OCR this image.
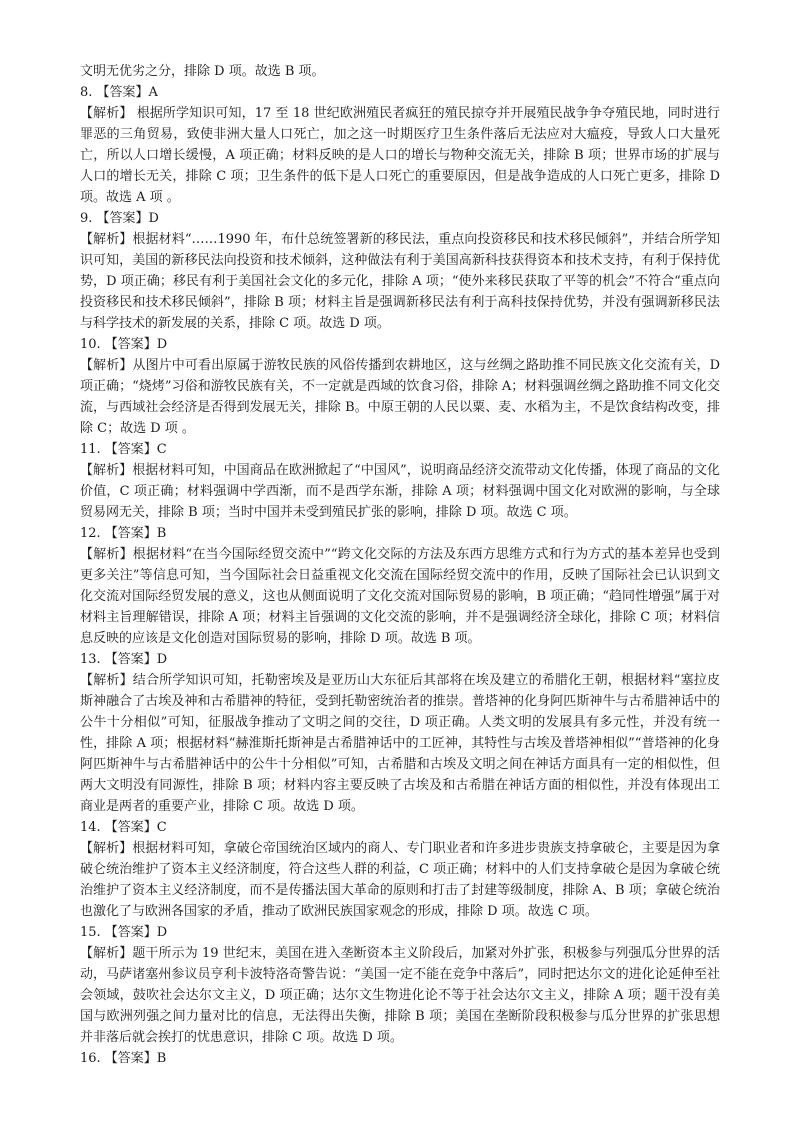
文明无优劣之分，排除 D 项。故选 B 项。

8. 【答案】A

【解析】 根据所学知识可知，17 至 18 世纪欧洲殖民者疯狂的殖民掠夺并开展殖民战争争夺殖民地，同时进行罪恶的三角贸易，致使非洲大量人口死亡，加之这一时期医疗卫生条件落后无法应对大瘟疫，导致人口大量死亡，所以人口增长缓慢，A 项正确；材料反映的是人口的增长与物种交流无关，排除 B 项；世界市场的扩展与人口的增长无关，排除 C 项；卫生条件的低下是人口死亡的重要原因，但是战争造成的人口死亡更多，排除 D 项。故选 A 项 。

9. 【答案】D

【解析】根据材料“……1990 年，布什总统签署新的移民法，重点向投资移民和技术移民倾斜”，并结合所学知识可知，美国的新移民法向投资和技术倾斜，这种做法有利于美国高新科技获得资本和技术支持，有利于保持优势，D 项正确；移民有利于美国社会文化的多元化，排除 A 项；“使外来移民获取了平等的机会”不符合“重点向投资移民和技术移民倾斜”，排除 B 项；材料主旨是强调新移民法有利于高科技保持优势，并没有强调新移民法与科学技术的新发展的关系，排除 C 项。故选 D 项。

10. 【答案】D

【解析】从图片中可看出原属于游牧民族的风俗传播到农耕地区，这与丝绸之路助推不同民族文化交流有关，D 项正确；“烧烤”习俗和游牧民族有关，不一定就是西域的饮食习俗，排除 A；材料强调丝绸之路助推不同文化交流，与西域社会经济是否得到发展无关，排除 B。中原王朝的人民以粟、麦、水稻为主，不是饮食结构改变，排除 C；故选 D 项 。

11. 【答案】C

【解析】根据材料可知，中国商品在欧洲掀起了“中国风”，说明商品经济交流带动文化传播，体现了商品的文化价值，C 项正确；材料强调中学西渐，而不是西学东渐，排除 A 项；材料强调中国文化对欧洲的影响，与全球贸易网无关，排除 B 项；当时中国并未受到殖民扩张的影响，排除 D 项。故选 C 项。

12. 【答案】B

【解析】根据材料“在当今国际经贸交流中”“跨文化交际的方法及东西方思维方式和行为方式的基本差异也受到更多关注”等信息可知，当今国际社会日益重视文化交流在国际经贸交流中的作用，反映了国际社会已认识到文化交流对国际经贸发展的意义，这也从侧面说明了文化交流对国际贸易的影响，B 项正确；“趋同性增强”属于对材料主旨理解错误，排除 A 项；材料主旨强调的文化交流的影响，并不是强调经济全球化，排除 C 项；材料信息反映的应该是文化创造对国际贸易的影响，排除 D 项。故选 B 项。

13. 【答案】D

【解析】结合所学知识可知，托勒密埃及是亚历山大东征后其部将在埃及建立的希腊化王朝，根据材料“塞拉皮斯神融合了古埃及神和古希腊神的特征，受到托勒密统治者的推崇。普塔神的化身阿匹斯神牛与古希腊神话中的公牛十分相似”可知，征服战争推动了文明之间的交往，D 项正确。人类文明的发展具有多元性，并没有统一性，排除 A 项；根据材料“赫淮斯托斯神是古希腊神话中的工匠神，其特性与古埃及普塔神相似”“普塔神的化身阿匹斯神牛与古希腊神话中的公牛十分相似”可知，古希腊和古埃及文明之间在神话方面具有一定的相似性，但两大文明没有同源性，排除 B 项；材料内容主要反映了古埃及和古希腊在神话方面的相似性，并没有体现出工商业是两者的重要产业，排除 C 项。故选 D 项。

14. 【答案】C

【解析】根据材料可知，拿破仑帝国统治区域内的商人、专门职业者和许多进步贵族支持拿破仑，主要是因为拿破仑统治维护了资本主义经济制度，符合这些人群的利益，C 项正确；材料中的人们支持拿破仑是因为拿破仑统治维护了资本主义经济制度，而不是传播法国大革命的原则和打击了封建等级制度，排除 A、B 项；拿破仑统治也激化了与欧洲各国家的矛盾，推动了欧洲民族国家观念的形成，排除 D 项。故选 C 项。

15. 【答案】D

【解析】题干所示为 19 世纪末，美国在进入垄断资本主义阶段后，加紧对外扩张，积极参与列强瓜分世界的活动，马萨诸塞州参议员亨利卡波特洛奇警告说：“美国一定不能在竞争中落后”，同时把达尔文的进化论延伸至社会领域，鼓吹社会达尔文主义，D 项正确；达尔文生物进化论不等于社会达尔文主义，排除 A 项；题干没有美国与欧洲列强之间力量对比的信息，无法得出失衡，排除 B 项；美国在垄断阶段积极参与瓜分世界的扩张思想并非落后就会挨打的忧患意识，排除 C 项。故选 D 项。

16. 【答案】B
